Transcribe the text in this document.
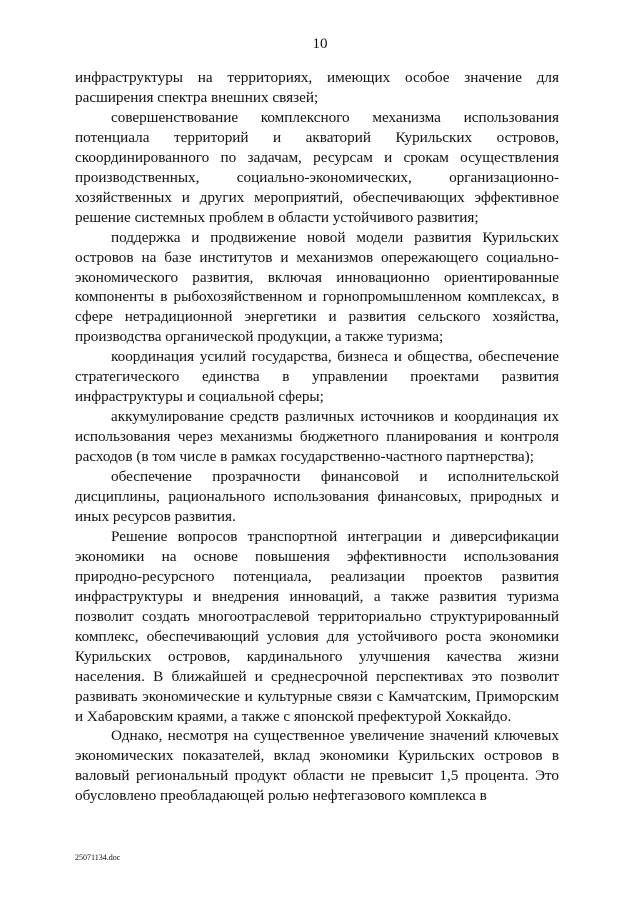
10

инфраструктуры на территориях, имеющих особое значение для расширения спектра внешних связей;

совершенствование комплексного механизма использования потенциала территорий и акваторий Курильских островов, скоординированного по задачам, ресурсам и срокам осуществления производственных, социально-экономических, организационно-хозяйственных и других мероприятий, обеспечивающих эффективное решение системных проблем в области устойчивого развития;

поддержка и продвижение новой модели развития Курильских островов на базе институтов и механизмов опережающего социально-экономического развития, включая инновационно ориентированные компоненты в рыбохозяйственном и горнопромышленном комплексах, в сфере нетрадиционной энергетики и развития сельского хозяйства, производства органической продукции, а также туризма;

координация усилий государства, бизнеса и общества, обеспечение стратегического единства в управлении проектами развития инфраструктуры и социальной сферы;

аккумулирование средств различных источников и координация их использования через механизмы бюджетного планирования и контроля расходов (в том числе в рамках государственно-частного партнерства);

обеспечение прозрачности финансовой и исполнительской дисциплины, рационального использования финансовых, природных и иных ресурсов развития.

Решение вопросов транспортной интеграции и диверсификации экономики на основе повышения эффективности использования природно-ресурсного потенциала, реализации проектов развития инфраструктуры и внедрения инноваций, а также развития туризма позволит создать многоотраслевой территориально структурированный комплекс, обеспечивающий условия для устойчивого роста экономики Курильских островов, кардинального улучшения качества жизни населения. В ближайшей и среднесрочной перспективах это позволит развивать экономические и культурные связи с Камчатским, Приморским и Хабаровским краями, а также с японской префектурой Хоккайдо.

Однако, несмотря на существенное увеличение значений ключевых экономических показателей, вклад экономики Курильских островов в валовый региональный продукт области не превысит 1,5 процента. Это обусловлено преобладающей ролью нефтегазового комплекса в

25071134.doc
